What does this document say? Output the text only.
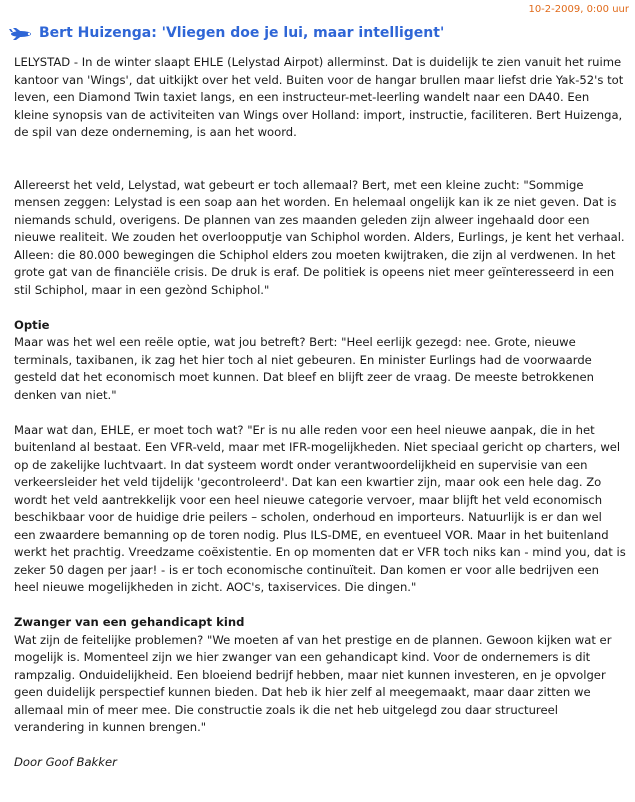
10-2-2009, 0:00 uur
Bert Huizenga: 'Vliegen doe je lui, maar intelligent'

LELYSTAD - In de winter slaapt EHLE (Lelystad Airpot) allerminst. Dat is duidelijk te zien vanuit het ruime kantoor van 'Wings', dat uitkijkt over het veld. Buiten voor de hangar brullen maar liefst drie Yak-52's tot leven, een Diamond Twin taxiet langs, en een instructeur-met-leerling wandelt naar een DA40. Een kleine synopsis van de activiteiten van Wings over Holland: import, instructie, faciliteren. Bert Huizenga, de spil van deze onderneming, is aan het woord.

Allereerst het veld, Lelystad, wat gebeurt er toch allemaal? Bert, met een kleine zucht: "Sommige mensen zeggen: Lelystad is een soap aan het worden. En helemaal ongelijk kan ik ze niet geven. Dat is niemands schuld, overigens. De plannen van zes maanden geleden zijn alweer ingehaald door een nieuwe realiteit. We zouden het overloopputje van Schiphol worden. Alders, Eurlings, je kent het verhaal. Alleen: die 80.000 bewegingen die Schiphol elders zou moeten kwijtraken, die zijn al verdwenen. In het grote gat van de financiële crisis. De druk is eraf. De politiek is opeens niet meer geïnteresseerd in een stil Schiphol, maar in een gezònd Schiphol."

Optie

Maar was het wel een reële optie, wat jou betreft? Bert: "Heel eerlijk gezegd: nee. Grote, nieuwe terminals, taxibanen, ik zag het hier toch al niet gebeuren. En minister Eurlings had de voorwaarde gesteld dat het economisch moet kunnen. Dat bleef en blijft zeer de vraag. De meeste betrokkenen denken van niet."

Maar wat dan, EHLE, er moet toch wat? "Er is nu alle reden voor een heel nieuwe aanpak, die in het buitenland al bestaat. Een VFR-veld, maar met IFR-mogelijkheden. Niet speciaal gericht op charters, wel op de zakelijke luchtvaart. In dat systeem wordt onder verantwoordelijkheid en supervisie van een verkeersleider het veld tijdelijk 'gecontroleerd'. Dat kan een kwartier zijn, maar ook een hele dag. Zo wordt het veld aantrekkelijk voor een heel nieuwe categorie vervoer, maar blijft het veld economisch beschikbaar voor de huidige drie peilers – scholen, onderhoud en importeurs. Natuurlijk is er dan wel een zwaardere bemanning op de toren nodig. Plus ILS-DME, en eventueel VOR. Maar in het buitenland werkt het prachtig. Vreedzame coëxistentie. En op momenten dat er VFR toch niks kan - mind you, dat is zeker 50 dagen per jaar! - is er toch economische continuïteit. Dan komen er voor alle bedrijven een heel nieuwe mogelijkheden in zicht. AOC's, taxiservices. Die dingen."

Zwanger van een gehandicapt kind

Wat zijn de feitelijke problemen? "We moeten af van het prestige en de plannen. Gewoon kijken wat er mogelijk is. Momenteel zijn we hier zwanger van een gehandicapt kind. Voor de ondernemers is dit rampzalig. Onduidelijkheid. Een bloeiend bedrijf hebben, maar niet kunnen investeren, en je opvolger geen duidelijk perspectief kunnen bieden. Dat heb ik hier zelf al meegemaakt, maar daar zitten we allemaal min of meer mee. Die constructie zoals ik die net heb uitgelegd zou daar structureel verandering in kunnen brengen."

Door Goof Bakker
